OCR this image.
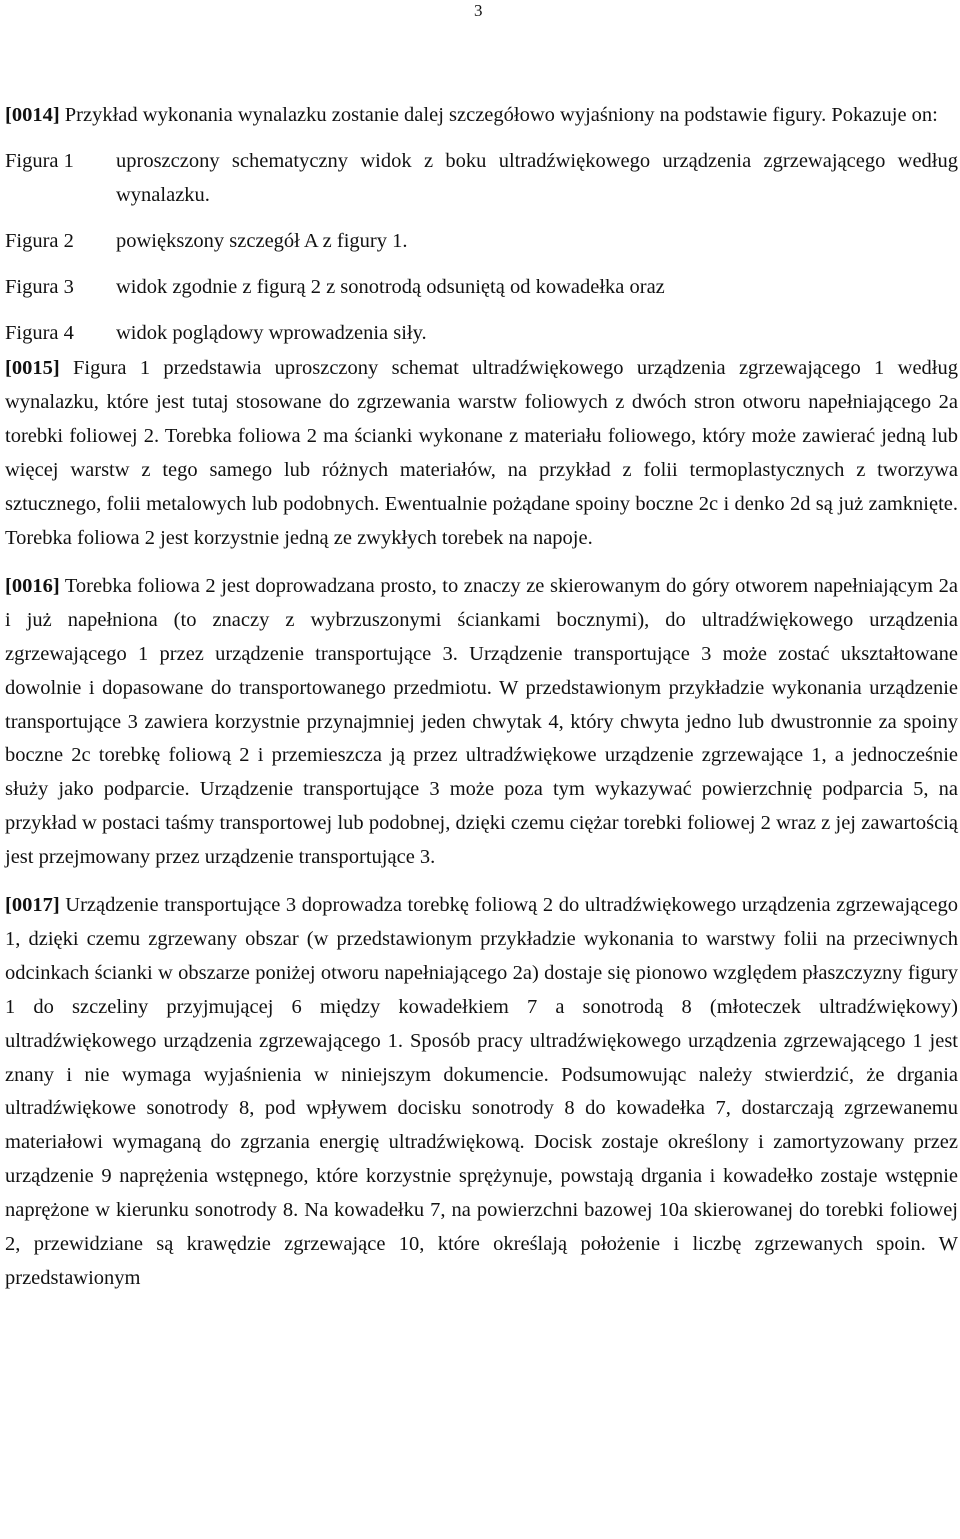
3

[0014] Przykład wykonania wynalazku zostanie dalej szczegółowo wyjaśniony na podstawie figury. Pokazuje on:

Figura 1	uproszczony schematyczny widok z boku ultradźwiękowego urządzenia zgrzewającego według wynalazku.
Figura 2	powiększony szczegół A z figury 1.
Figura 3	widok zgodnie z figurą 2 z sonotrodą odsuniętą od kowadełka oraz
Figura 4	widok poglądowy wprowadzenia siły.

[0015] Figura 1 przedstawia uproszczony schemat ultradźwiękowego urządzenia zgrzewającego 1 według wynalazku, które jest tutaj stosowane do zgrzewania warstw foliowych z dwóch stron otworu napełniającego 2a torebki foliowej 2. Torebka foliowa 2 ma ścianki wykonane z materiału foliowego, który może zawierać jedną lub więcej warstw z tego samego lub różnych materiałów, na przykład z folii termoplastycznych z tworzywa sztucznego, folii metalowych lub podobnych. Ewentualnie pożądane spoiny boczne 2c i denko 2d są już zamknięte. Torebka foliowa 2 jest korzystnie jedną ze zwykłych torebek na napoje.

[0016] Torebka foliowa 2 jest doprowadzana prosto, to znaczy ze skierowanym do góry otworem napełniającym 2a i już napełniona (to znaczy z wybrzuszonymi ściankami bocznymi), do ultradźwiękowego urządzenia zgrzewającego 1 przez urządzenie transportujące 3. Urządzenie transportujące 3 może zostać ukształtowane dowolnie i dopasowane do transportowanego przedmiotu. W przedstawionym przykładzie wykonania urządzenie transportujące 3 zawiera korzystnie przynajmniej jeden chwytak 4, który chwyta jedno lub dwustronnie za spoiny boczne 2c torebkę foliową 2 i przemieszcza ją przez ultradźwiękowe urządzenie zgrzewające 1, a jednocześnie służy jako podparcie. Urządzenie transportujące 3 może poza tym wykazywać powierzchnię podparcia 5, na przykład w postaci taśmy transportowej lub podobnej, dzięki czemu ciężar torebki foliowej 2 wraz z jej zawartością jest przejmowany przez urządzenie transportujące 3.

[0017] Urządzenie transportujące 3 doprowadza torebkę foliową 2 do ultradźwiękowego urządzenia zgrzewającego 1, dzięki czemu zgrzewany obszar (w przedstawionym przykładzie wykonania to warstwy folii na przeciwnych odcinkach ścianki w obszarze poniżej otworu napełniającego 2a) dostaje się pionowo względem płaszczyzny figury 1 do szczeliny przyjmującej 6 między kowadełkiem 7 a sonotrodą 8 (młoteczek ultradźwiękowy) ultradźwiękowego urządzenia zgrzewającego 1. Sposób pracy ultradźwiękowego urządzenia zgrzewającego 1 jest znany i nie wymaga wyjaśnienia w niniejszym dokumencie. Podsumowując należy stwierdzić, że drgania ultradźwiękowe sonotrody 8, pod wpływem docisku sonotrody 8 do kowadełka 7, dostarczają zgrzewanemu materiałowi wymaganą do zgrzania energię ultradźwiękową. Docisk zostaje określony i zamortyzowany przez urządzenie 9 naprężenia wstępnego, które korzystnie sprężynuje, powstają drgania i kowadełko zostaje wstępnie naprężone w kierunku sonotrody 8. Na kowadełku 7, na powierzchni bazowej 10a skierowanej do torebki foliowej 2, przewidziane są krawędzie zgrzewające 10, które określają położenie i liczbę zgrzewanych spoin. W przedstawionym
